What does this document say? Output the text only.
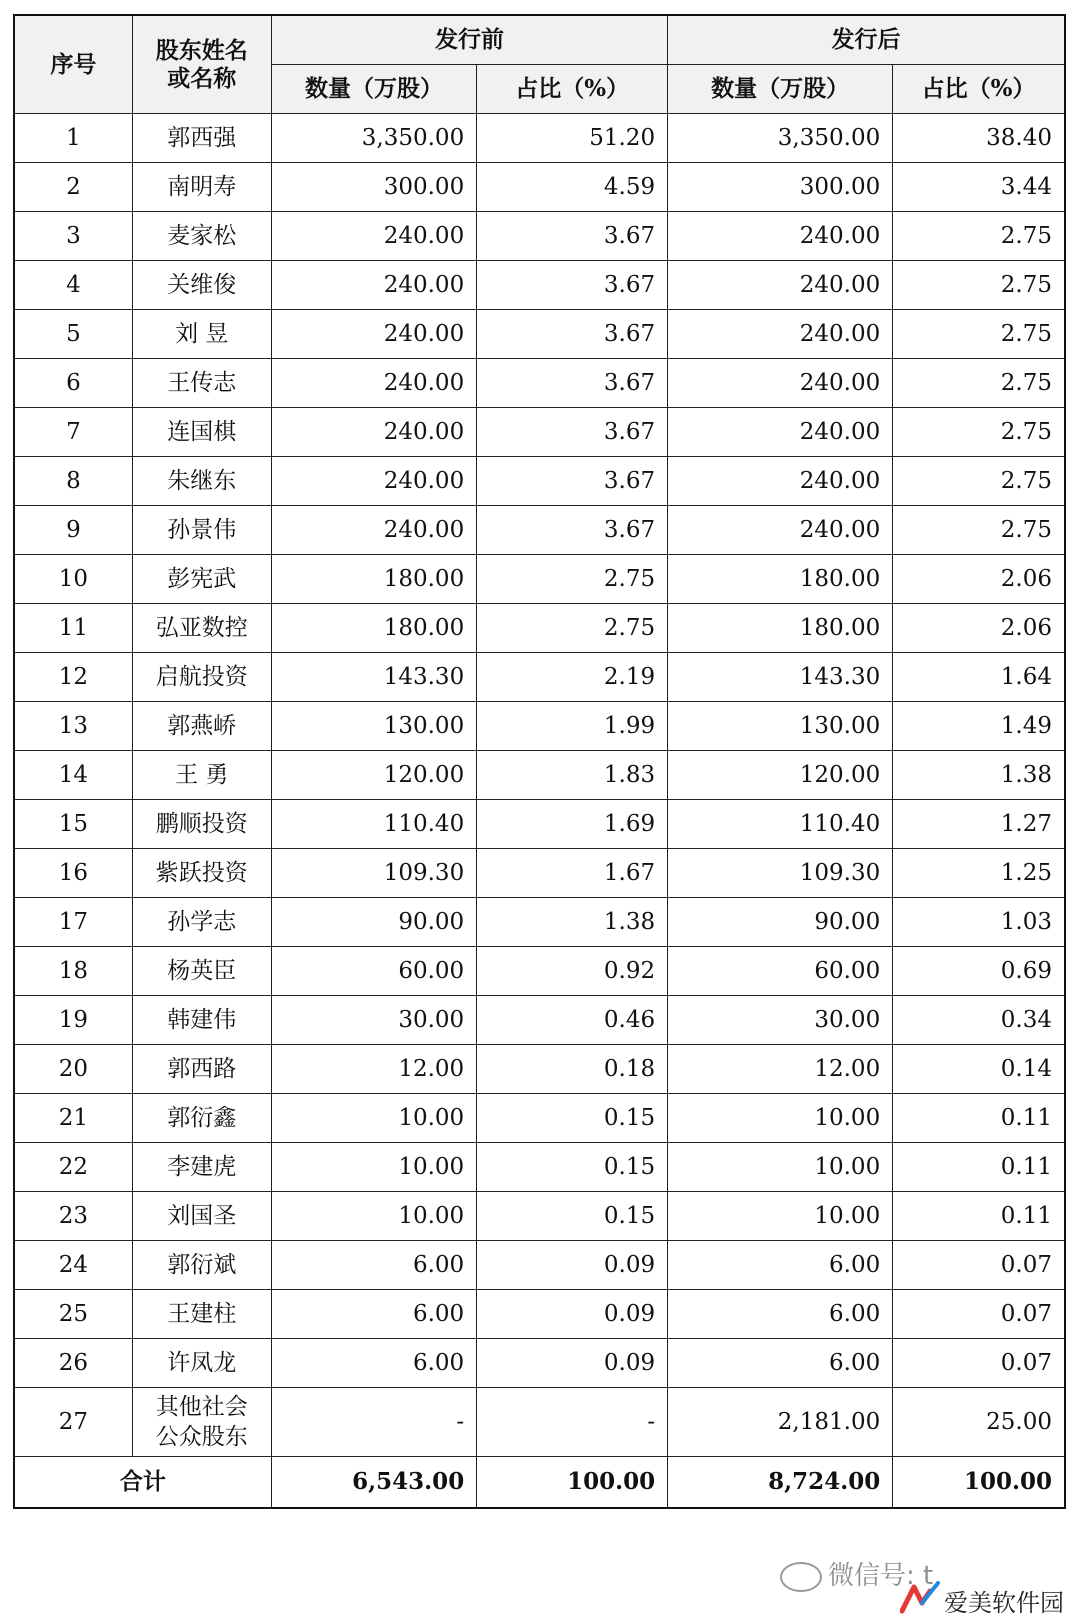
序号	股东姓名或名称	发行前		发行后	
		数量（万股）	占比（%）	数量（万股）	占比（%）
1	郭西强	3,350.00	51.20	3,350.00	38.40
2	南明寿	300.00	4.59	300.00	3.44
3	麦家松	240.00	3.67	240.00	2.75
4	关维俊	240.00	3.67	240.00	2.75
5	刘 昱	240.00	3.67	240.00	2.75
6	王传志	240.00	3.67	240.00	2.75
7	连国棋	240.00	3.67	240.00	2.75
8	朱继东	240.00	3.67	240.00	2.75
9	孙景伟	240.00	3.67	240.00	2.75
10	彭宪武	180.00	2.75	180.00	2.06
11	弘亚数控	180.00	2.75	180.00	2.06
12	启航投资	143.30	2.19	143.30	1.64
13	郭燕峤	130.00	1.99	130.00	1.49
14	王 勇	120.00	1.83	120.00	1.38
15	鹏顺投资	110.40	1.69	110.40	1.27
16	紫跃投资	109.30	1.67	109.30	1.25
17	孙学志	90.00	1.38	90.00	1.03
18	杨英臣	60.00	0.92	60.00	0.69
19	韩建伟	30.00	0.46	30.00	0.34
20	郭西路	12.00	0.18	12.00	0.14
21	郭衍鑫	10.00	0.15	10.00	0.11
22	李建虎	10.00	0.15	10.00	0.11
23	刘国圣	10.00	0.15	10.00	0.11
24	郭衍斌	6.00	0.09	6.00	0.07
25	王建柱	6.00	0.09	6.00	0.07
26	许凤龙	6.00	0.09	6.00	0.07
27	其他社会公众股东	-	-	2,181.00	25.00
合计		6,543.00	100.00	8,724.00	100.00
微信号: t
爱美软件园
